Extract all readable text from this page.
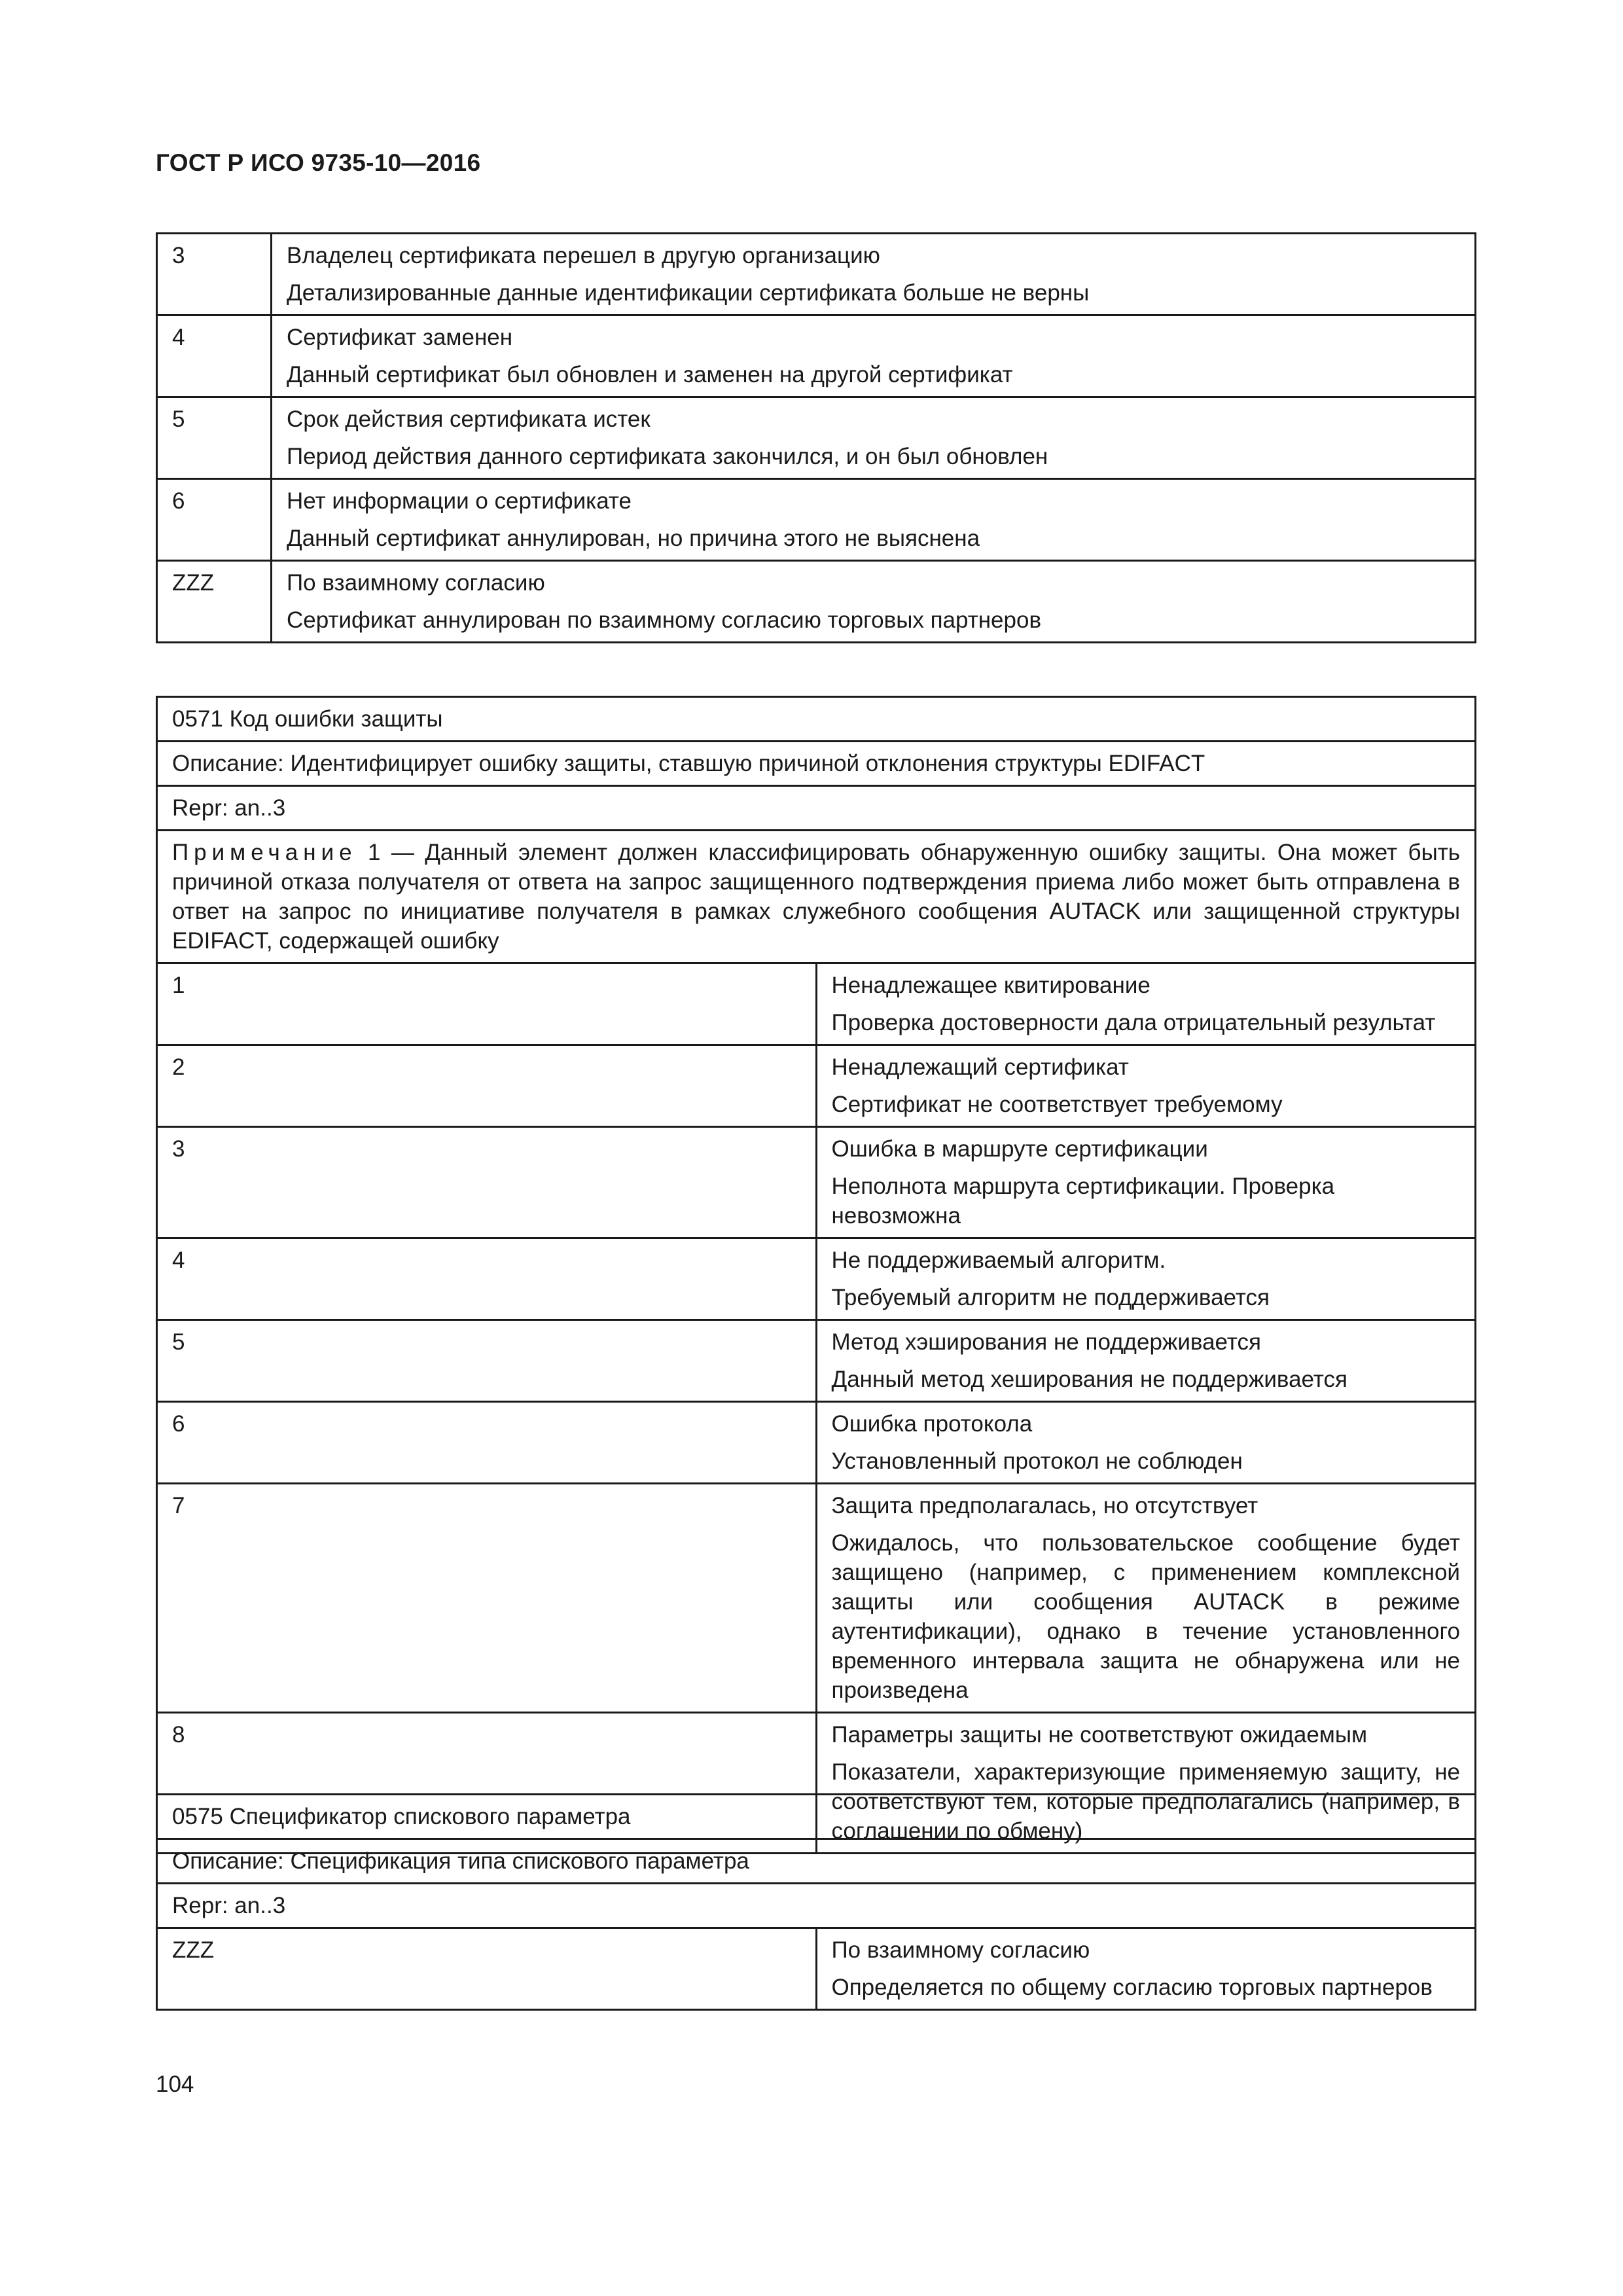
ГОСТ Р ИСО 9735-10—2016
3	Владелец сертификата перешел в другую организацию
Детализированные данные идентификации сертификата больше не верны

4	Сертификат заменен
Данный сертификат был обновлен и заменен на другой сертификат

5	Срок действия сертификата истек
Период действия данного сертификата закончился, и он был обновлен

6	Нет информации о сертификате
Данный сертификат аннулирован, но причина этого не выяснена

ZZZ	По взаимному согласию
Сертификат аннулирован по взаимному согласию торговых партнеров
0571 Код ошибки защиты	
Описание: Идентифицирует ошибку защиты, ставшую причиной отклонения структуры EDIFACT	
Repr: an..3	
Примечание 1 — Данный элемент должен классифицировать обнаруженную ошибку защиты. Она может быть причиной отказа получателя от ответа на запрос защищенного подтверждения приема либо может быть отправлена в ответ на запрос по инициативе получателя в рамках служебного сообщения AUTACK или защищенной структуры EDIFACT, содержащей ошибку	
1	Ненадлежащее квитирование
Проверка достоверности дала отрицательный результат

2	Ненадлежащий сертификат
Сертификат не соответствует требуемому

3	Ошибка в маршруте сертификации
Неполнота маршрута сертификации. Проверка невозможна

4	Не поддерживаемый алгоритм.
Требуемый алгоритм не поддерживается

5	Метод хэширования не поддерживается
Данный метод хеширования не поддерживается

6	Ошибка протокола
Установленный протокол не соблюден

7	Защита предполагалась, но отсутствует
Ожидалось, что пользовательское сообщение будет защищено (например, с применением комплексной защиты или сообщения AUTACK в режиме аутентификации), однако в течение установленного временного интервала защита не обнаружена или не произведена

8	Параметры защиты не соответствуют ожидаемым
Показатели, характеризующие применяемую защиту, не соответствуют тем, которые предполагались (например, в соглашении по обмену)
0575 Спецификатор спискового параметра
Описание: Спецификация типа спискового параметра
Repr: an..3
ZZZ	По взаимному согласию
Определяется по общему согласию торговых партнеров
104
